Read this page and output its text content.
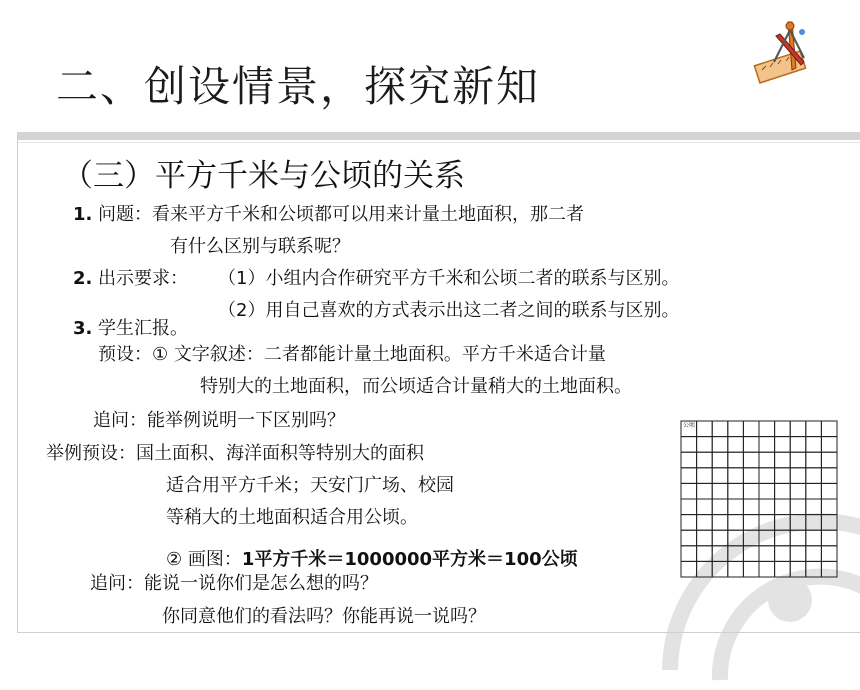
二、创设情景，探究新知
（三）平方千米与公顷的关系
1. 问题：看来平方千米和公顷都可以用来计量土地面积，那二者
有什么区别与联系呢？
2. 出示要求： （1）小组内合作研究平方千米和公顷二者的联系与区别。
（2）用自己喜欢的方式表示出这二者之间的联系与区别。
3. 学生汇报。
预设：① 文字叙述：二者都能计量土地面积。平方千米适合计量
特别大的土地面积，而公顷适合计量稍大的土地面积。
追问：能举例说明一下区别吗？
举例预设：国土面积、海洋面积等特别大的面积
适合用平方千米；天安门广场、校园
等稍大的土地面积适合用公顷。
② 画图：1平方千米＝1000000平方米＝100公顷
追问：能说一说你们是怎么想的吗？
你同意他们的看法吗？你能再说一说吗？
公顷
